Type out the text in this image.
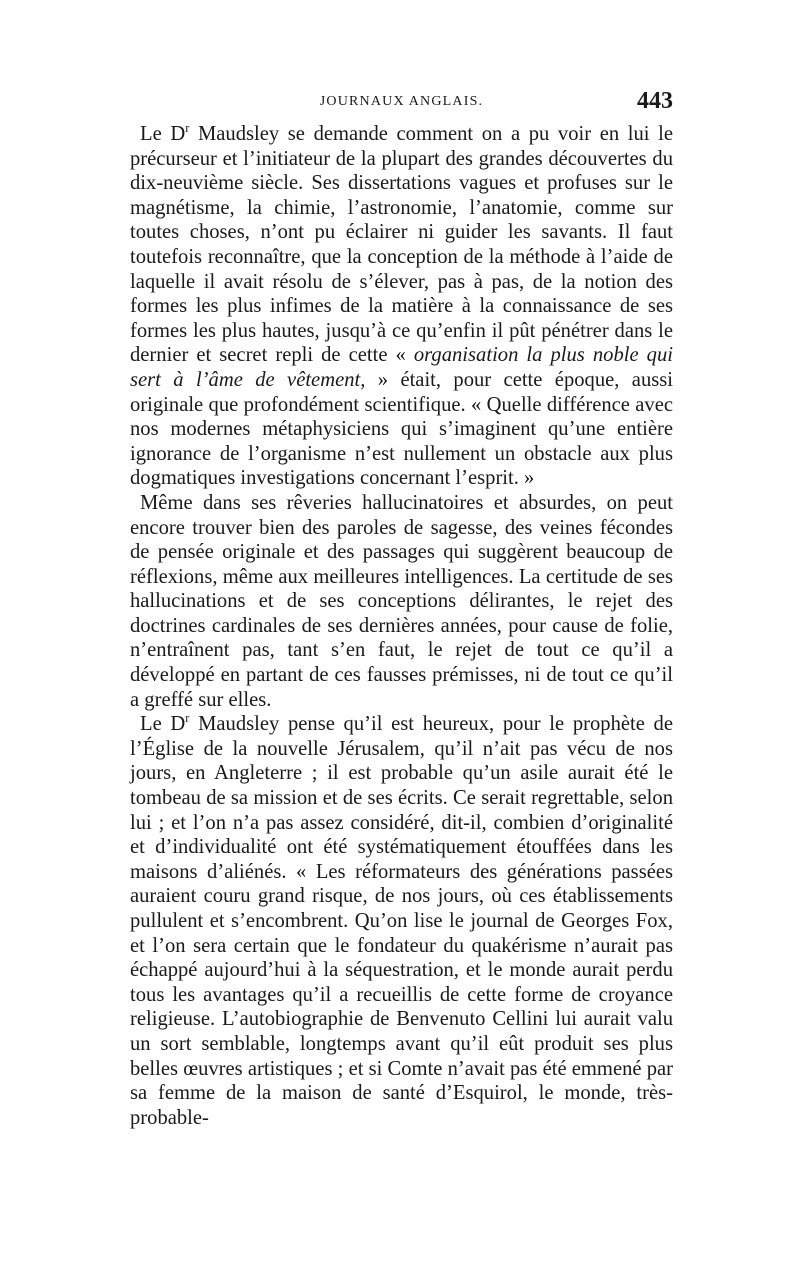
JOURNAUX ANGLAIS.	443

Le $D^r$ Maudsley se demande comment on a pu voir en lui le précurseur et l’initiateur de la plupart des grandes découvertes du dix-neuvième siècle. Ses dissertations vagues et profuses sur le magnétisme, la chimie, l’astronomie, l’anatomie, comme sur toutes choses, n’ont pu éclairer ni guider les savants. Il faut toutefois reconnaître, que la conception de la méthode à l’aide de laquelle il avait résolu de s’élever, pas à pas, de la notion des formes les plus infimes de la matière à la connaissance de ses formes les plus hautes, jusqu’à ce qu’enfin il pût pénétrer dans le dernier et secret repli de cette « organisation la plus noble qui sert à l’âme de vêtement, » était, pour cette époque, aussi originale que profondément scientifique. « Quelle différence avec nos modernes métaphysiciens qui s’imaginent qu’une entière ignorance de l’organisme n’est nullement un obstacle aux plus dogmatiques investigations concernant l’esprit. »

Même dans ses rêveries hallucinatoires et absurdes, on peut encore trouver bien des paroles de sagesse, des veines fécondes de pensée originale et des passages qui suggèrent beaucoup de réflexions, même aux meilleures intelligences. La certitude de ses hallucinations et de ses conceptions délirantes, le rejet des doctrines cardinales de ses dernières années, pour cause de folie, n’entraînent pas, tant s’en faut, le rejet de tout ce qu’il a développé en partant de ces fausses prémisses, ni de tout ce qu’il a greffé sur elles.

Le $D^r$ Maudsley pense qu’il est heureux, pour le prophète de l’Église de la nouvelle Jérusalem, qu’il n’ait pas vécu de nos jours, en Angleterre ; il est probable qu’un asile aurait été le tombeau de sa mission et de ses écrits. Ce serait regrettable, selon lui ; et l’on n’a pas assez considéré, dit-il, combien d’originalité et d’individualité ont été systématiquement étouffées dans les maisons d’aliénés. « Les réformateurs des générations passées auraient couru grand risque, de nos jours, où ces établissements pullulent et s’encombrent. Qu’on lise le journal de Georges Fox, et l’on sera certain que le fondateur du quakérisme n’aurait pas échappé aujourd’hui à la séquestration, et le monde aurait perdu tous les avantages qu’il a recueillis de cette forme de croyance religieuse. L’autobiographie de Benvenuto Cellini lui aurait valu un sort semblable, longtemps avant qu’il eût produit ses plus belles œuvres artistiques ; et si Comte n’avait pas été emmené par sa femme de la maison de santé d’Esquirol, le monde, très-probable-
